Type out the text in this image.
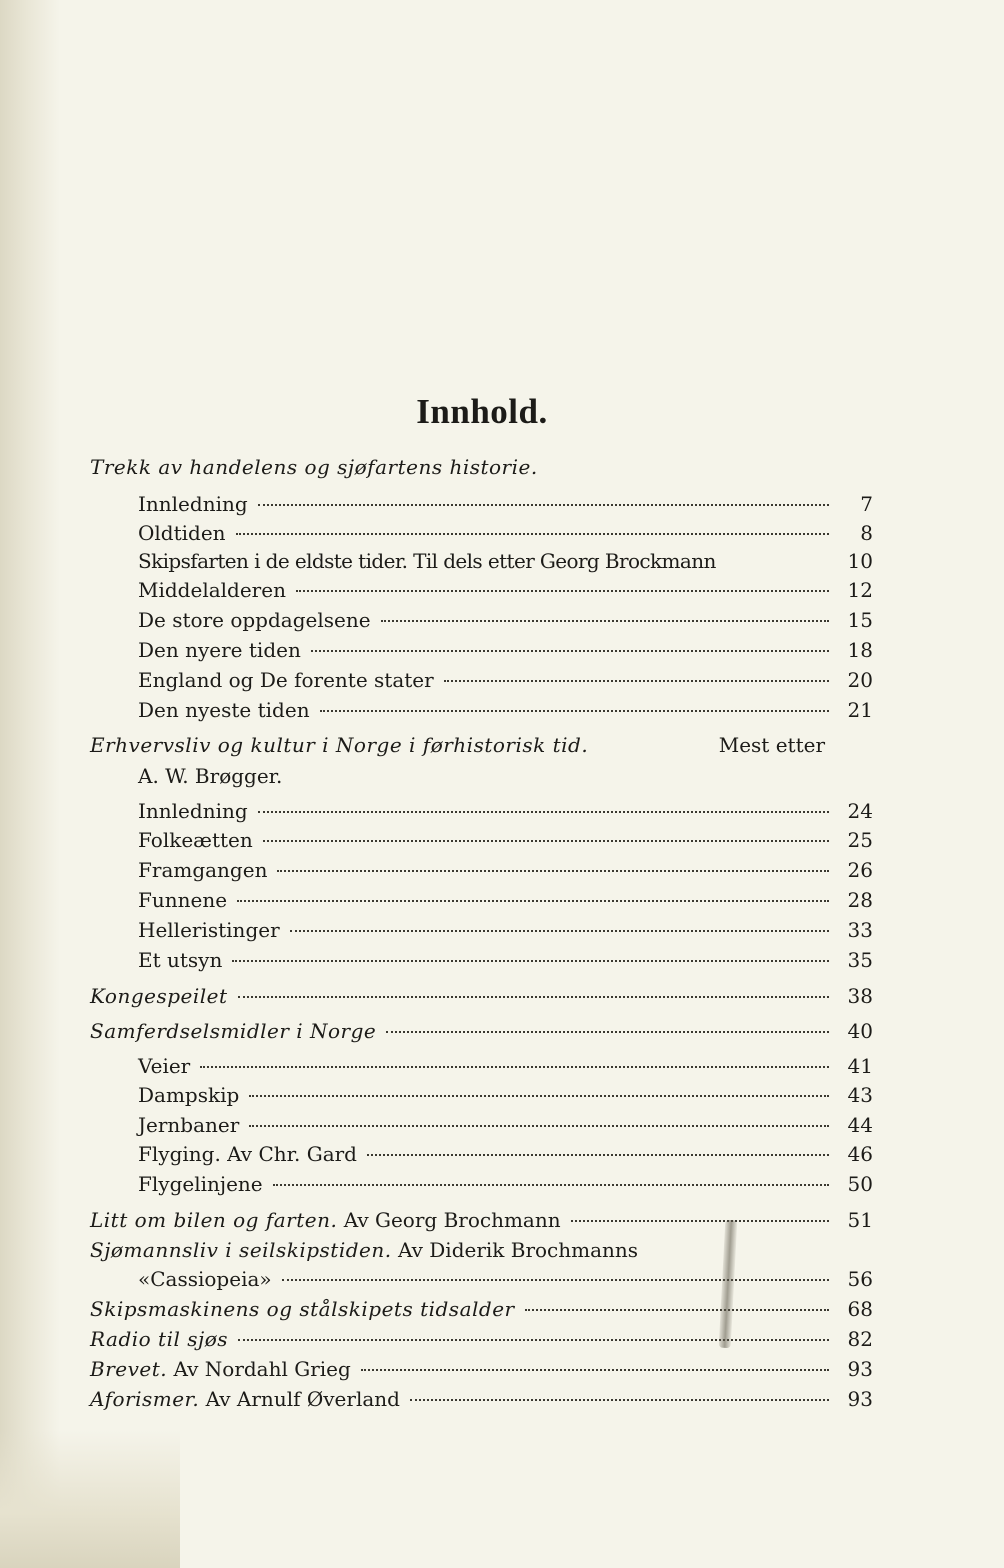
Innhold.
Trekk av handelens og sjøfartens historie.
Innledning	7
Oldtiden	8
Skipsfarten i de eldste tider. Til dels etter Georg Brockmann	10
Middelalderen	12
De store oppdagelsene	15
Den nyere tiden	18
England og De forente stater	20
Den nyeste tiden	21
Erhvervsliv og kultur i Norge i førhistorisk tid.	Mest etter
A. W. Brøgger.
Innledning	24
Folkeætten	25
Framgangen	26
Funnene	28
Helleristinger	33
Et utsyn	35
Kongespeilet	38
Samferdselsmidler i Norge	40
Veier	41
Dampskip	43
Jernbaner	44
Flyging. Av Chr. Gard	46
Flygelinjene	50
Litt om bilen og farten. Av Georg Brochmann	51
Sjømannsliv i seilskipstiden. Av Diderik Brochmanns
«Cassiopeia»	56
Skipsmaskinens og stålskipets tidsalder	68
Radio til sjøs	82
Brevet. Av Nordahl Grieg	93
Aforismer. Av Arnulf Øverland	93
